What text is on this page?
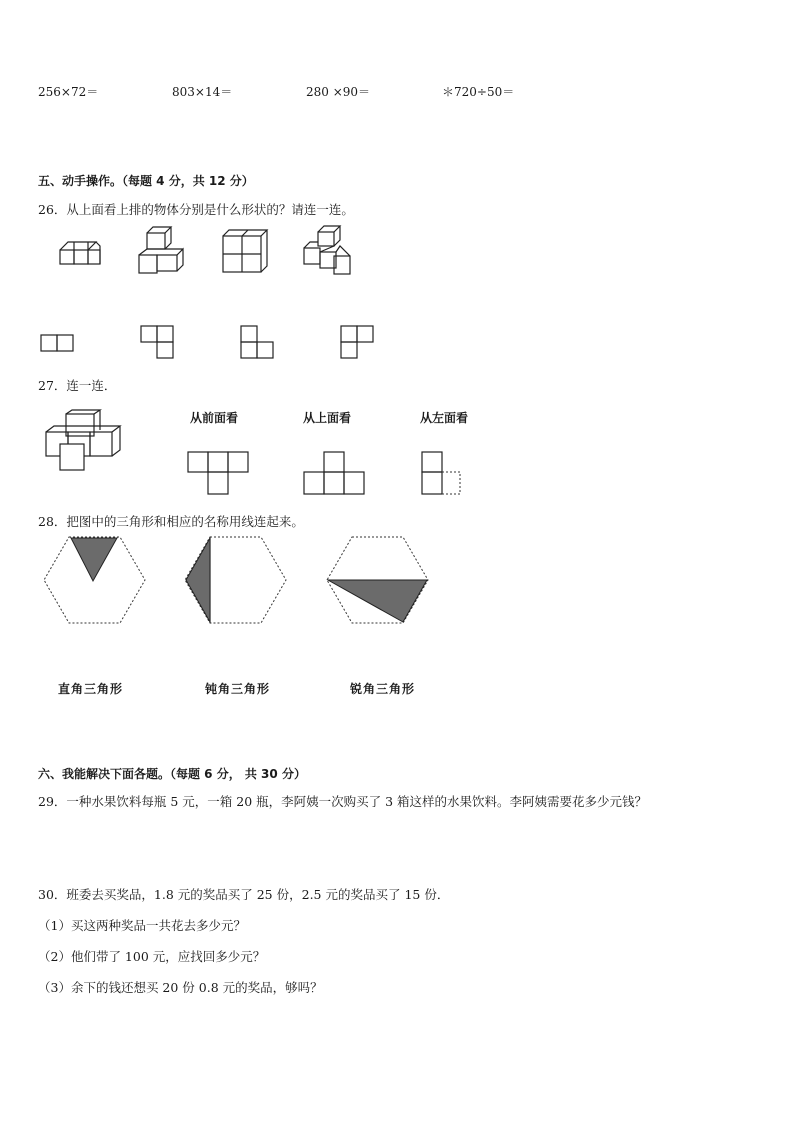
256×72＝	803×14＝	280 ×90＝	＊720÷50＝
五、动手操作。（每题 4 分，共 12 分）
26．从上面看上排的物体分别是什么形状的？请连一连。
27．连一连．
从前面看	从上面看	从左面看
28．把图中的三角形和相应的名称用线连起来。
直角三角形	钝角三角形	锐角三角形
六、我能解决下面各题。（每题 6 分， 共 30 分）
29．一种水果饮料每瓶 5 元，一箱 20 瓶，李阿姨一次购买了 3 箱这样的水果饮料。李阿姨需要花多少元钱？
30．班委去买奖品，1.8 元的奖品买了 25 份，2.5 元的奖品买了 15 份．
（1）买这两种奖品一共花去多少元？
（2）他们带了 100 元，应找回多少元？
（3）余下的钱还想买 20 份 0.8 元的奖品，够吗？
